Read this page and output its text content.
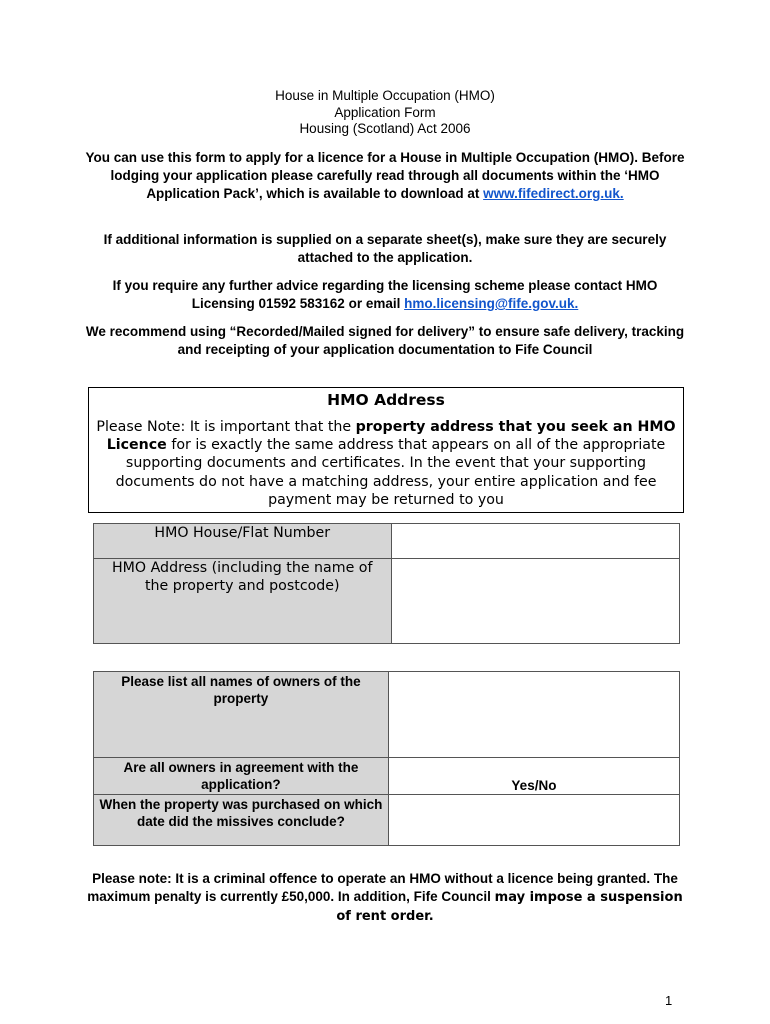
House in Multiple Occupation (HMO)
Application Form
Housing (Scotland) Act 2006
You can use this form to apply for a licence for a House in Multiple Occupation (HMO). Before lodging your application please carefully read through all documents within the ‘HMO Application Pack’, which is available to download at www.fifedirect.org.uk.
If additional information is supplied on a separate sheet(s), make sure they are securely attached to the application.
If you require any further advice regarding the licensing scheme please contact HMO Licensing 01592 583162 or email hmo.licensing@fife.gov.uk.
We recommend using “Recorded/Mailed signed for delivery” to ensure safe delivery, tracking and receipting of your application documentation to Fife Council
HMO Address
Please Note: It is important that the property address that you seek an HMO Licence for is exactly the same address that appears on all of the appropriate supporting documents and certificates. In the event that your supporting documents do not have a matching address, your entire application and fee payment may be returned to you
HMO House/Flat Number	
HMO Address (including the name of the property and postcode)	
Please list all names of owners of the property	
Are all owners in agreement with the application?	Yes/No
When the property was purchased on which date did the missives conclude?	
Please note: It is a criminal offence to operate an HMO without a licence being granted. The maximum penalty is currently £50,000. In addition, Fife Council may impose a suspension of rent order.
1
